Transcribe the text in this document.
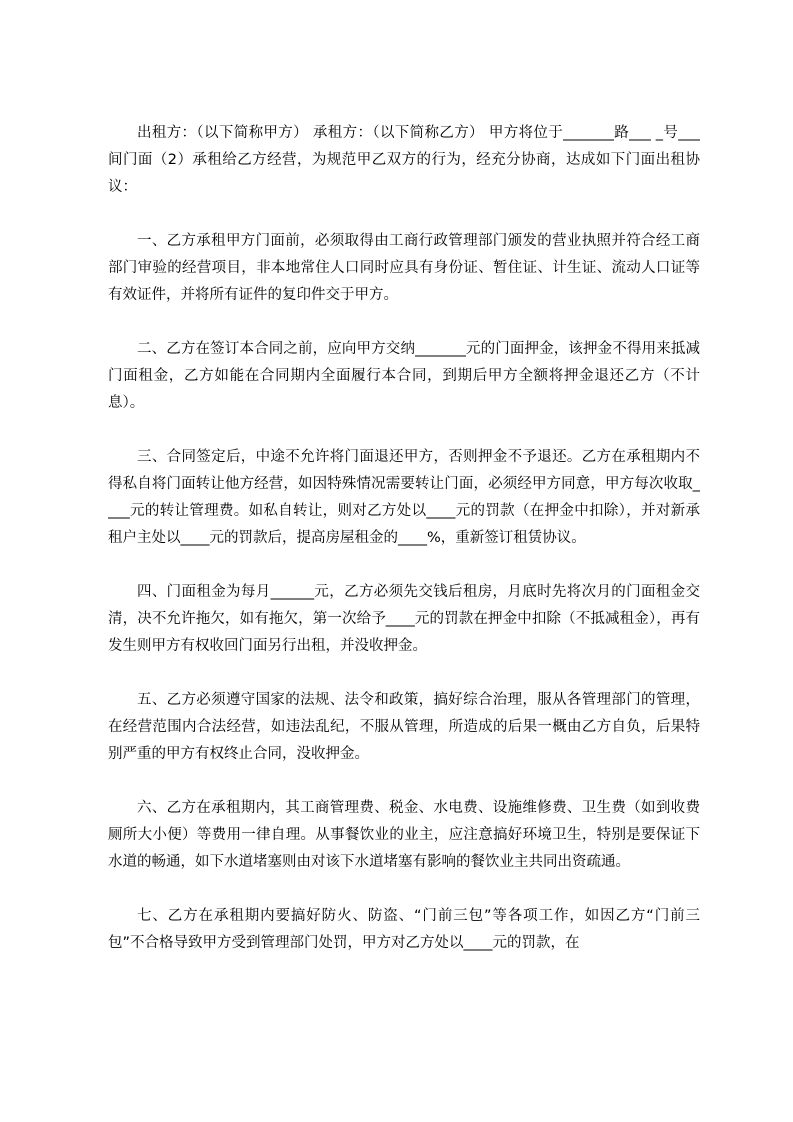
出租方：（以下简称甲方） 承租方：（以下简称乙方） 甲方将位于_______路___ _号___间门面（2）承租给乙方经营，为规范甲乙双方的行为，经充分协商，达成如下门面出租协议：

一、乙方承租甲方门面前，必须取得由工商行政管理部门颁发的营业执照并符合经工商部门审验的经营项目，非本地常住人口同时应具有身份证、暂住证、计生证、流动人口证等有效证件，并将所有证件的复印件交于甲方。

二、乙方在签订本合同之前，应向甲方交纳_______元的门面押金，该押金不得用来抵减门面租金，乙方如能在合同期内全面履行本合同，到期后甲方全额将押金退还乙方（不计息）。

三、合同签定后，中途不允许将门面退还甲方，否则押金不予退还。乙方在承租期内不得私自将门面转让他方经营，如因特殊情况需要转让门面，必须经甲方同意，甲方每次收取____元的转让管理费。如私自转让，则对乙方处以____元的罚款（在押金中扣除），并对新承租户主处以____元的罚款后，提高房屋租金的____%，重新签订租赁协议。

四、门面租金为每月______元，乙方必须先交钱后租房，月底时先将次月的门面租金交清，决不允许拖欠，如有拖欠，第一次给予____元的罚款在押金中扣除（不抵减租金），再有发生则甲方有权收回门面另行出租，并没收押金。

五、乙方必须遵守国家的法规、法令和政策，搞好综合治理，服从各管理部门的管理，在经营范围内合法经营，如违法乱纪，不服从管理，所造成的后果一概由乙方自负，后果特别严重的甲方有权终止合同，没收押金。

六、乙方在承租期内，其工商管理费、税金、水电费、设施维修费、卫生费（如到收费厕所大小便）等费用一律自理。从事餐饮业的业主，应注意搞好环境卫生，特别是要保证下水道的畅通，如下水道堵塞则由对该下水道堵塞有影响的餐饮业主共同出资疏通。

七、乙方在承租期内要搞好防火、防盗、“门前三包”等各项工作，如因乙方“门前三包”不合格导致甲方受到管理部门处罚，甲方对乙方处以____元的罚款，在
